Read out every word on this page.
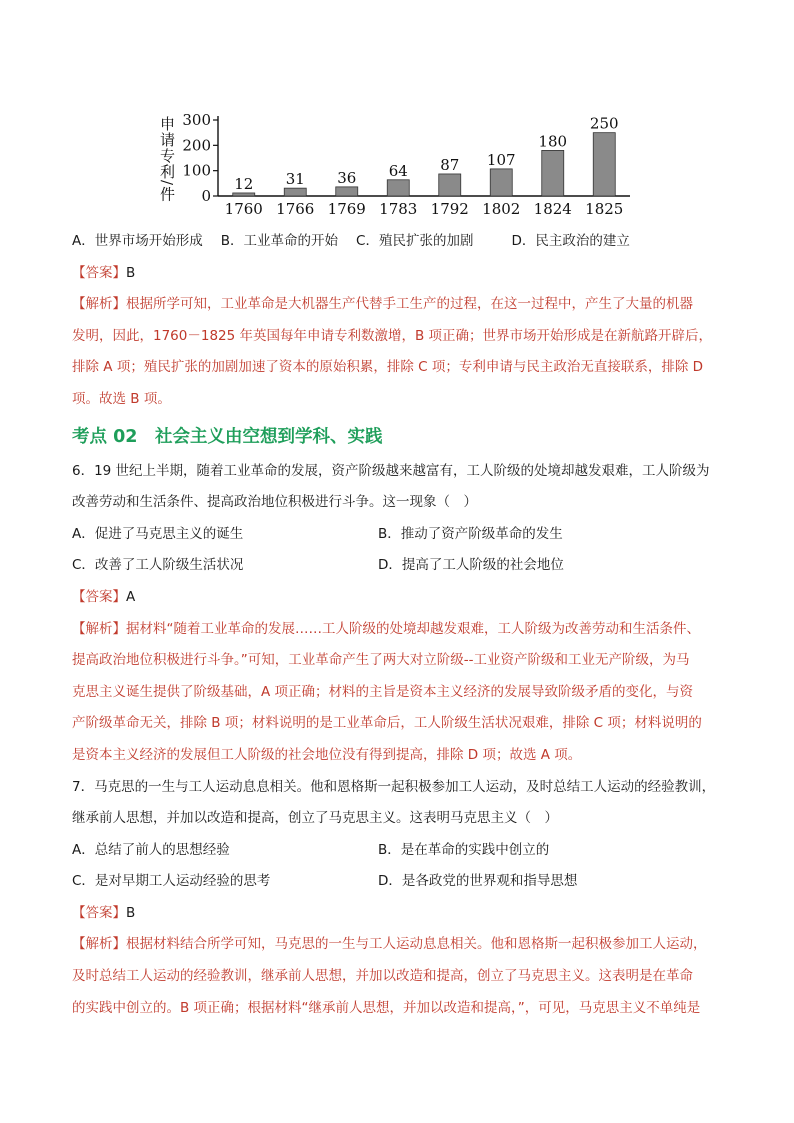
申请专利/件 300
200
100
0
12
1760
31
1766
36
1769
64
1783
87
1792
107
1802
180
1824
250
1825
A．世界市场开始形成 B．工业革命的开始 C．殖民扩张的加剧	D．民主政治的建立
【答案】B

【解析】根据所学可知，工业革命是大机器生产代替手工生产的过程，在这一过程中，产生了大量的机器

发明，因此，1760－1825 年英国每年申请专利数激增，B 项正确；世界市场开始形成是在新航路开辟后，

排除 A 项；殖民扩张的加剧加速了资本的原始积累，排除 C 项；专利申请与民主政治无直接联系，排除 D

项。故选 B 项。

考点 02　社会主义由空想到学科、实践

6．19 世纪上半期，随着工业革命的发展，资产阶级越来越富有，工人阶级的处境却越发艰难，工人阶级为

改善劳动和生活条件、提高政治地位积极进行斗争。这一现象（　）

A．促进了马克思主义的诞生	B．推动了资产阶级革命的发生
C．改善了工人阶级生活状况	D．提高了工人阶级的社会地位
【答案】A

【解析】据材料“随着工业革命的发展……工人阶级的处境却越发艰难，工人阶级为改善劳动和生活条件、

提高政治地位积极进行斗争。”可知，工业革命产生了两大对立阶级--工业资产阶级和工业无产阶级，为马

克思主义诞生提供了阶级基础，A 项正确；材料的主旨是资本主义经济的发展导致阶级矛盾的变化，与资

产阶级革命无关，排除 B 项；材料说明的是工业革命后，工人阶级生活状况艰难，排除 C 项；材料说明的

是资本主义经济的发展但工人阶级的社会地位没有得到提高，排除 D 项；故选 A 项。

7．马克思的一生与工人运动息息相关。他和恩格斯一起积极参加工人运动，及时总结工人运动的经验教训，

继承前人思想，并加以改造和提高，创立了马克思主义。这表明马克思主义（　）

A．总结了前人的思想经验	B．是在革命的实践中创立的
C．是对早期工人运动经验的思考	D．是各政党的世界观和指导思想
【答案】B

【解析】根据材料结合所学可知，马克思的一生与工人运动息息相关。他和恩格斯一起积极参加工人运动，

及时总结工人运动的经验教训，继承前人思想，并加以改造和提高，创立了马克思主义。这表明是在革命

的实践中创立的。B 项正确；根据材料“继承前人思想，并加以改造和提高，”，可见，马克思主义不单纯是
